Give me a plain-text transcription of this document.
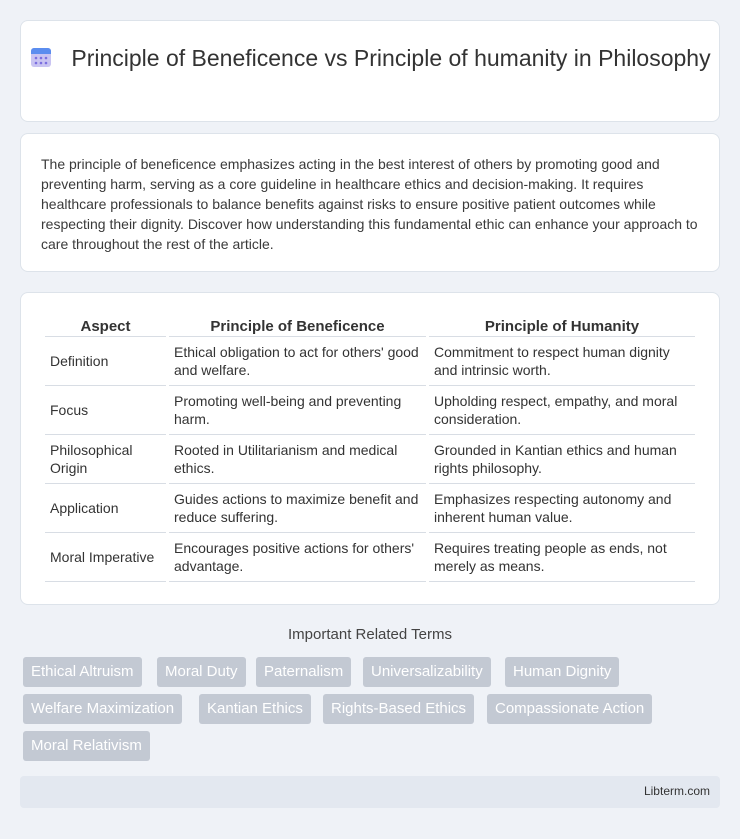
Principle of Beneficence vs Principle of humanity in Philosophy

The principle of beneficence emphasizes acting in the best interest of others by promoting good and preventing harm, serving as a core guideline in healthcare ethics and decision-making. It requires healthcare professionals to balance benefits against risks to ensure positive patient outcomes while respecting their dignity. Discover how understanding this fundamental ethic can enhance your approach to care throughout the rest of the article.

Aspect	Principle of Beneficence	Principle of Humanity
Definition	Ethical obligation to act for others' good and welfare.	Commitment to respect human dignity and intrinsic worth.
Focus	Promoting well-being and preventing harm.	Upholding respect, empathy, and moral consideration.
Philosophical Origin	Rooted in Utilitarianism and medical ethics.	Grounded in Kantian ethics and human rights philosophy.
Application	Guides actions to maximize benefit and reduce suffering.	Emphasizes respecting autonomy and inherent human value.
Moral Imperative	Encourages positive actions for others' advantage.	Requires treating people as ends, not merely as means.
Important Related Terms
Ethical Altruism	Moral Duty	Paternalism	Universalizability	Human Dignity
Welfare Maximization	Kantian Ethics	Rights-Based Ethics	Compassionate Action
Moral Relativism
Libterm.com
